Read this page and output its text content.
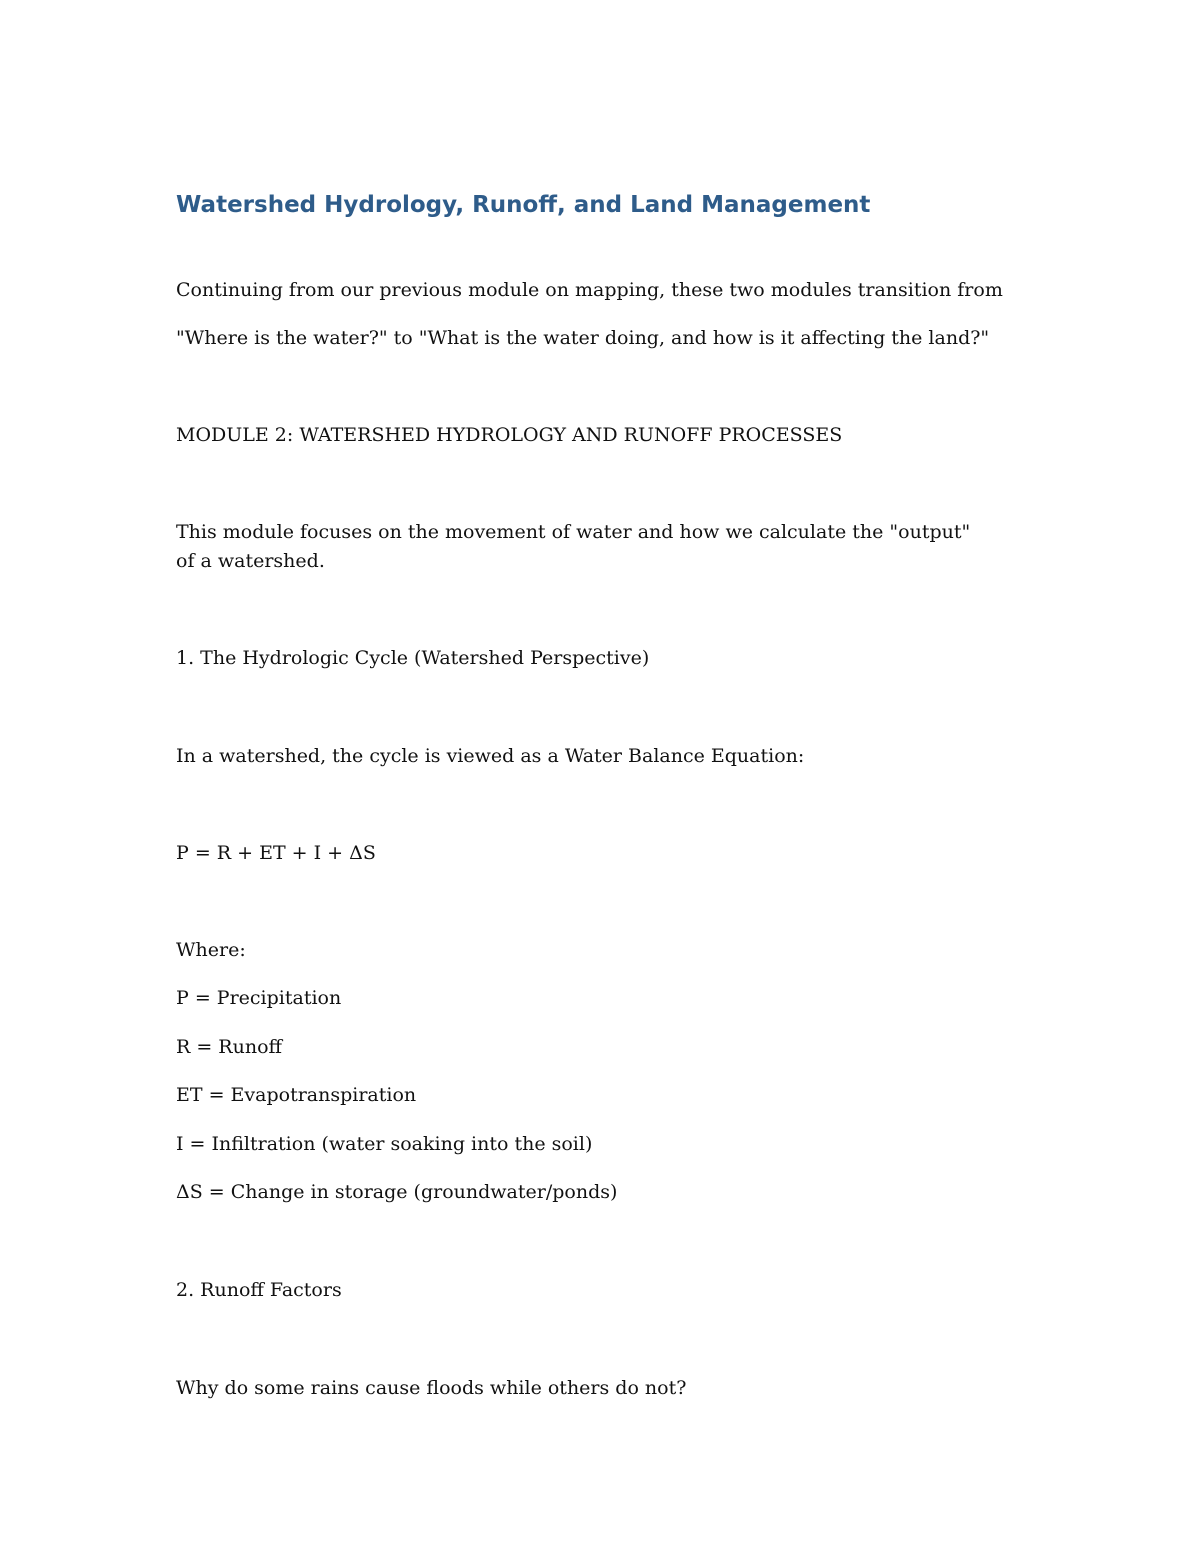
Watershed Hydrology, Runoff, and Land Management

Continuing from our previous module on mapping, these two modules transition from

"Where is the water?" to "What is the water doing, and how is it affecting the land?"

MODULE 2: WATERSHED HYDROLOGY AND RUNOFF PROCESSES

This module focuses on the movement of water and how we calculate the "output" of a watershed.

1. The Hydrologic Cycle (Watershed Perspective)

In a watershed, the cycle is viewed as a Water Balance Equation:

P = R + ET + I + ΔS

Where:

P = Precipitation

R = Runoff

ET = Evapotranspiration

I = Infiltration (water soaking into the soil)

ΔS = Change in storage (groundwater/ponds)

2. Runoff Factors

Why do some rains cause floods while others do not?
